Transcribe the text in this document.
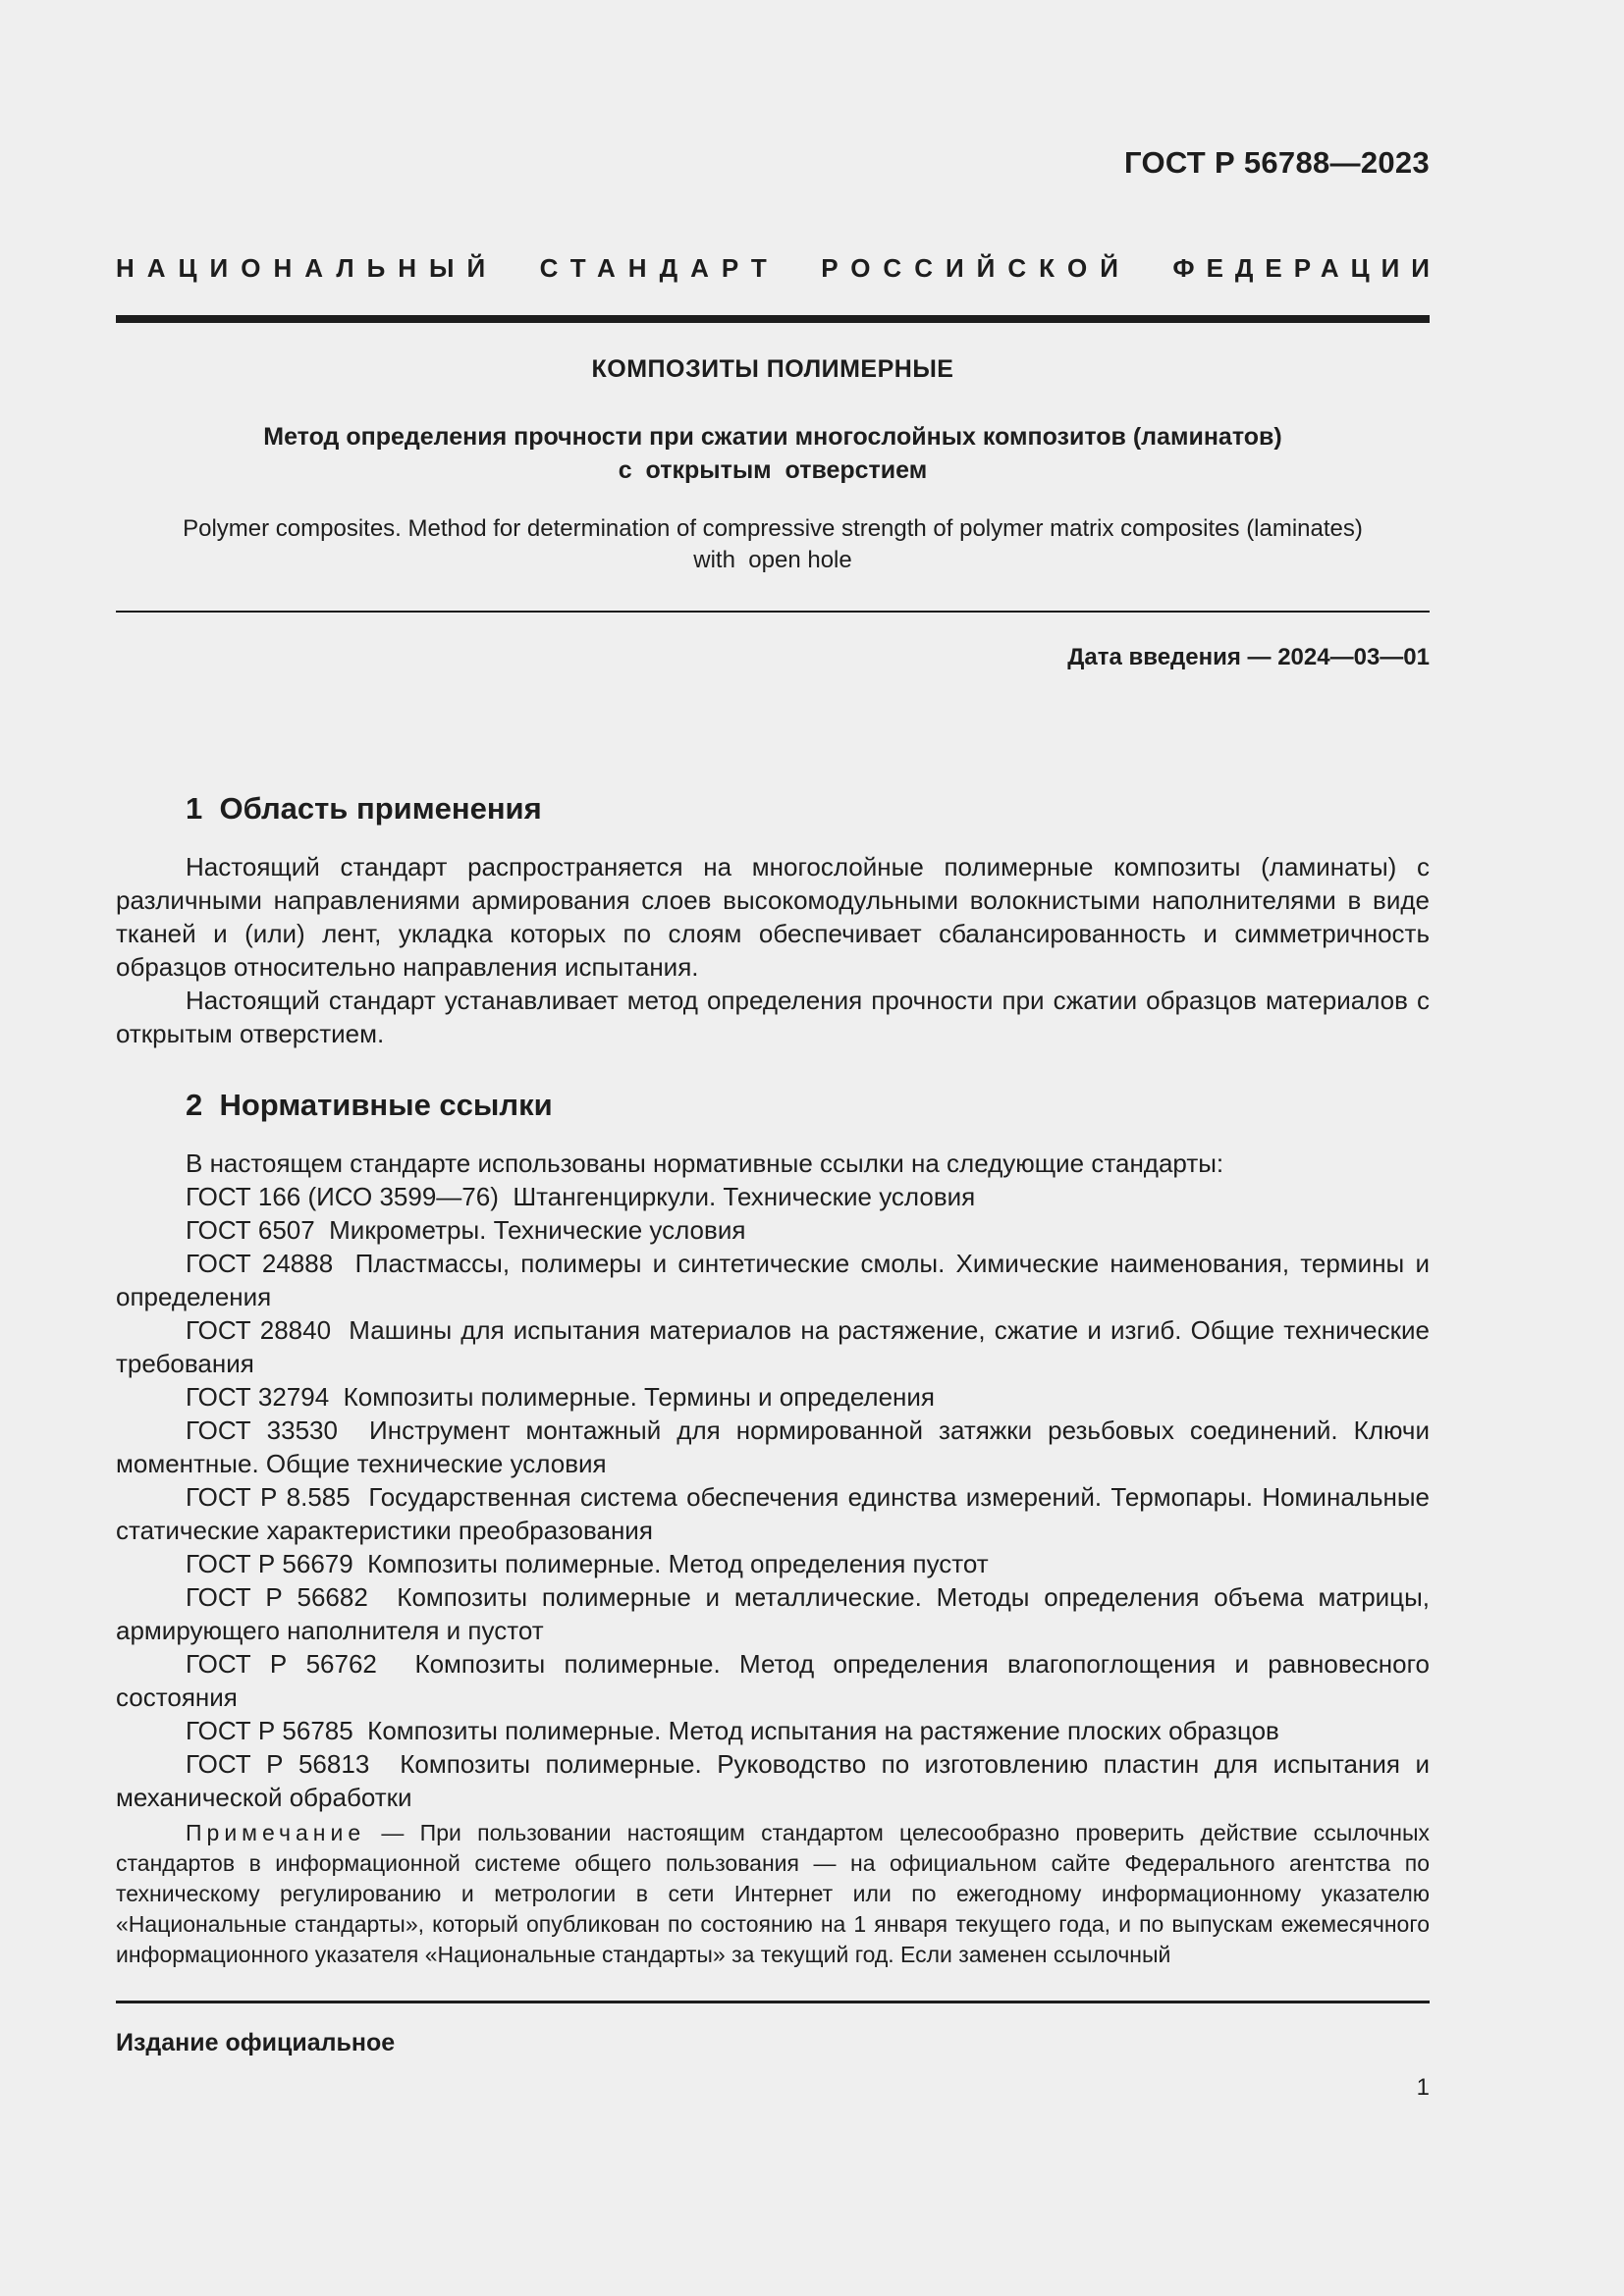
ГОСТ Р 56788—2023
НАЦИОНАЛЬНЫЙ СТАНДАРТ РОССИЙСКОЙ ФЕДЕРАЦИИ
КОМПОЗИТЫ ПОЛИМЕРНЫЕ
Метод определения прочности при сжатии многослойных композитов (ламинатов)
с  открытым  отверстием
Polymer composites. Method for determination of compressive strength of polymer matrix composites (laminates)
with  open hole
Дата введения — 2024—03—01
1  Область применения

Настоящий стандарт распространяется на многослойные полимерные композиты (ламинаты) с различными направлениями армирования слоев высокомодульными волокнистыми наполнителями в виде тканей и (или) лент, укладка которых по слоям обеспечивает сбалансированность и симметричность образцов относительно направления испытания.

Настоящий стандарт устанавливает метод определения прочности при сжатии образцов материалов с открытым отверстием.

2  Нормативные ссылки

В настоящем стандарте использованы нормативные ссылки на следующие стандарты:

ГОСТ 166 (ИСО 3599—76)  Штангенциркули. Технические условия

ГОСТ 6507  Микрометры. Технические условия

ГОСТ 24888  Пластмассы, полимеры и синтетические смолы. Химические наименования, термины и определения

ГОСТ 28840  Машины для испытания материалов на растяжение, сжатие и изгиб. Общие технические требования

ГОСТ 32794  Композиты полимерные. Термины и определения

ГОСТ 33530  Инструмент монтажный для нормированной затяжки резьбовых соединений. Ключи моментные. Общие технические условия

ГОСТ Р 8.585  Государственная система обеспечения единства измерений. Термопары. Номинальные статические характеристики преобразования

ГОСТ Р 56679  Композиты полимерные. Метод определения пустот

ГОСТ Р 56682  Композиты полимерные и металлические. Методы определения объема матрицы, армирующего наполнителя и пустот

ГОСТ Р 56762  Композиты полимерные. Метод определения влагопоглощения и равновесного состояния

ГОСТ Р 56785  Композиты полимерные. Метод испытания на растяжение плоских образцов

ГОСТ Р 56813  Композиты полимерные. Руководство по изготовлению пластин для испытания и механической обработки

Примечание — При пользовании настоящим стандартом целесообразно проверить действие ссылочных стандартов в информационной системе общего пользования — на официальном сайте Федерального агентства по техническому регулированию и метрологии в сети Интернет или по ежегодному информационному указателю «Национальные стандарты», который опубликован по состоянию на 1 января текущего года, и по выпускам ежемесячного информационного указателя «Национальные стандарты» за текущий год. Если заменен ссылочный

Издание официальное
1
